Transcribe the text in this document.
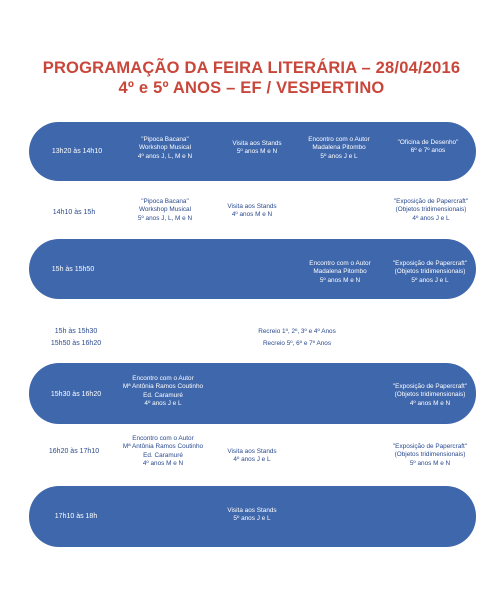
PROGRAMAÇÃO DA FEIRA LITERÁRIA – 28/04/2016
4º e 5º ANOS – EF / VESPERTINO
13h20 às 14h10
"Pipoca Bacana"
Workshop Musical
4º anos J, L, M e N
Visita aos Stands
5º anos M e N
Encontro com o Autor
Madalena Pitombo
5º anos J e L
"Oficina de Desenho"
6º e 7º anos
14h10 às 15h
"Pipoca Bacana"
Workshop Musical
5º anos J, L, M e N
Visita aos Stands
4º anos M e N
"Exposição de Papercraft"
(Objetos tridimensionais)
4º anos J e L
15h às 15h50
Encontro com o Autor
Madalena Pitombo
5º anos M e N
"Exposição de Papercraft"
(Objetos tridimensionais)
5º anos J e L
15h às 15h30
15h50 às 16h20
Recreio 1º, 2º, 3º e 4º Anos
Recreio 5º, 6º e 7º Anos
15h30 às 16h20
Encontro com o Autor
Mª Antônia Ramos Coutinho
Ed. Caramuré
4º anos J e L
"Exposição de Papercraft"
(Objetos tridimensionais)
4º anos M e N
16h20 às 17h10
Encontro com o Autor
Mª Antônia Ramos Coutinho
Ed. Caramuré
4º anos M e N
Visita aos Stands
4º anos J e L
"Exposição de Papercraft"
(Objetos tridimensionais)
5º anos M e N
17h10 às 18h
Visita aos Stands
5º anos J e L
